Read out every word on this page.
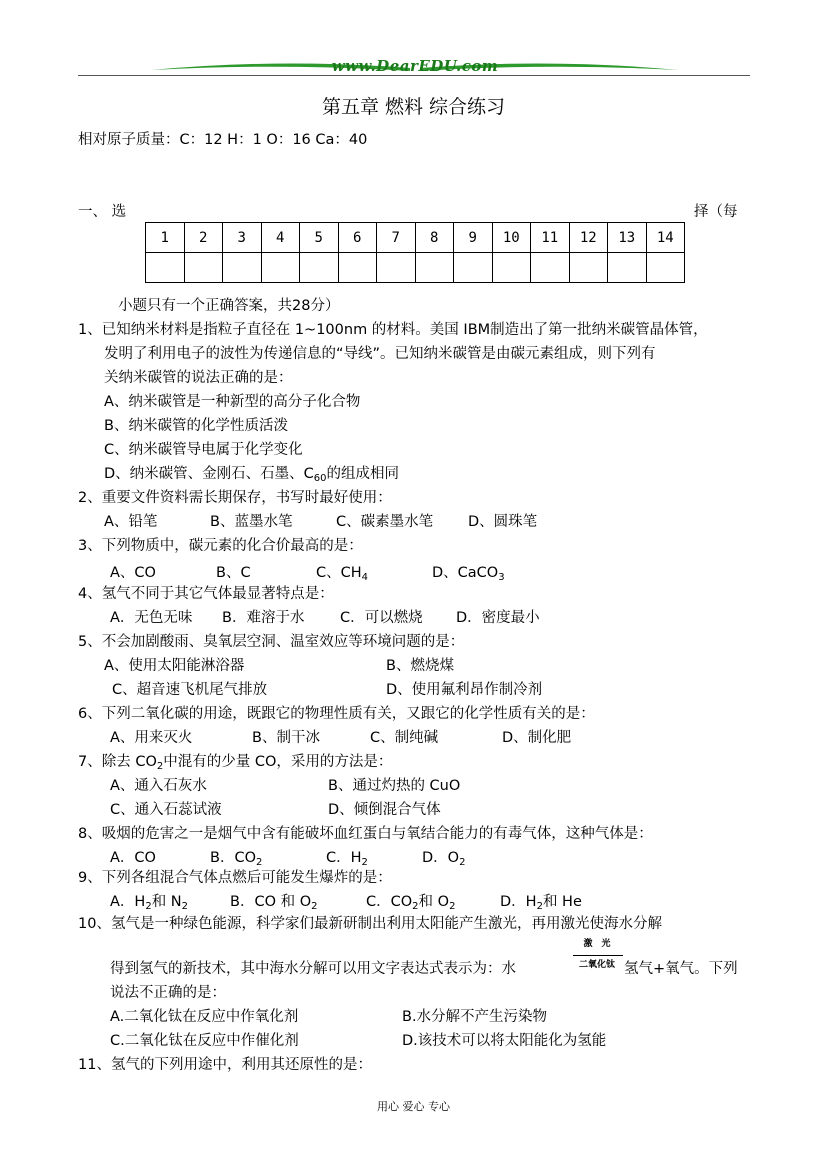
www.DearEDU.com
第五章 燃料 综合练习
相对原子质量：C：12 H：1 O：16 Ca：40
一、 选	择（每
1	2	3	4	5	6	7	8	9	10	11	12	13	14

小题只有一个正确答案，共28分）
1、已知纳米材料是指粒子直径在 1~100nm 的材料。美国 IBM制造出了第一批纳米碳管晶体管，
发明了利用电子的波性为传递信息的“导线”。已知纳米碳管是由碳元素组成，则下列有
关纳米碳管的说法正确的是：
A、纳米碳管是一种新型的高分子化合物
B、纳米碳管的化学性质活泼
C、纳米碳管导电属于化学变化
D、纳米碳管、金刚石、石墨、$C_{60}$的组成相同
2、重要文件资料需长期保存，书写时最好使用：
A、铅笔	B、蓝墨水笔	C、碳素墨水笔 D、圆珠笔
3、下列物质中，碳元素的化合价最高的是：
A、CO	B、C	C、$CH_4$	D、CaCO$_3$
4、氢气不同于其它气体最显著特点是：
A．无色无味 B．难溶于水 C．可以燃烧 D．密度最小
5、不会加剧酸雨、臭氧层空洞、温室效应等环境问题的是：
A、使用太阳能淋浴器	B、燃烧煤
C、超音速飞机尾气排放	D、使用氟利昂作制冷剂
6、下列二氧化碳的用途，既跟它的物理性质有关，又跟它的化学性质有关的是：
A、用来灭火	B、制干冰	C、制纯碱	D、制化肥
7、除去 $CO_2$中混有的少量 CO，采用的方法是：
A、通入石灰水	B、通过灼热的 CuO
C、通入石蕊试液	D、倾倒混合气体
8、吸烟的危害之一是烟气中含有能破坏血红蛋白与氧结合能力的有毒气体，这种气体是：
A．CO	B．$CO_2$	C．$H_2$	D．$O_2$
9、下列各组混合气体点燃后可能发生爆炸的是：
A．$H_2$和 $N_2$	B．CO 和 $O_2$	C．$CO_2$和 $O_2$	D．$H_2$和 He
10、氢气是一种绿色能源，科学家们最新研制出利用太阳能产生激光，再用激光使海水分解
得到氢气的新技术，其中海水分解可以用文字表达式表示为：水
激　光
二氧化钛 氢气+氧气。下列
说法不正确的是：
A.二氧化钛在反应中作氧化剂	B.水分解不产生污染物
C.二氧化钛在反应中作催化剂	D.该技术可以将太阳能化为氢能
11、氢气的下列用途中，利用其还原性的是：
用心 爱心 专心
